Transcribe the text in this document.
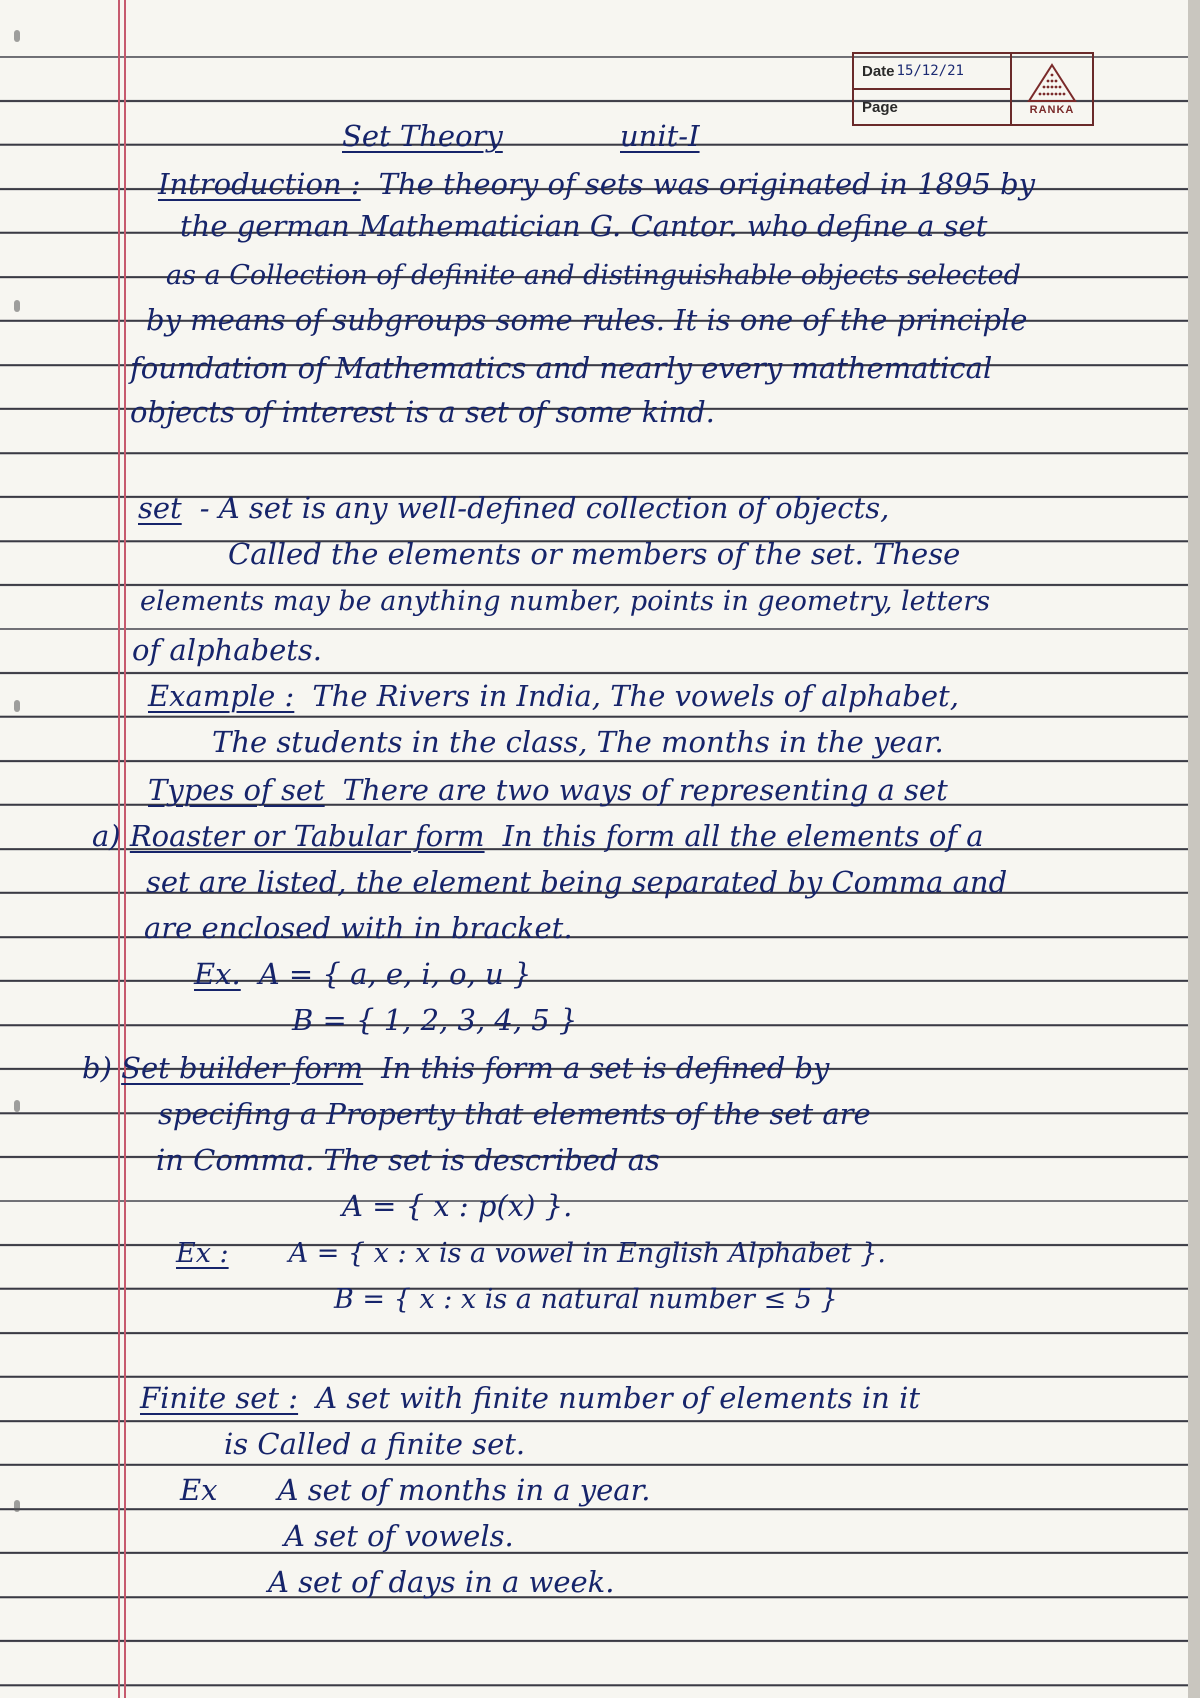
Date 15/12/21
Page	RANKA
Set Theory	unit-I
Introduction : The theory of sets was originated in 1895 by
the german Mathematician G. Cantor. who define a set
as a Collection of definite and distinguishable objects selected
by means of subgroups some rules. It is one of the principle
foundation of Mathematics and nearly every mathematical
objects of interest is a set of some kind.
set - A set is any well-defined collection of objects,
Called the elements or members of the set. These
elements may be anything number, points in geometry, letters
of alphabets.
Example : The Rivers in India, The vowels of alphabet,
The students in the class, The months in the year.
Types of set There are two ways of representing a set
a) Roaster or Tabular form In this form all the elements of a
set are listed, the element being separated by Comma and
are enclosed with in bracket.
Ex. A = { a, e, i, o, u }
B = { 1, 2, 3, 4, 5 }
b) Set builder form In this form a set is defined by
specifing a Property that elements of the set are
in Comma. The set is described as
A = { x : p(x) }.
Ex : A = { x : x is a vowel in English Alphabet }.
B = { x : x is a natural number ≤ 5 }
Finite set : A set with finite number of elements in it
is Called a finite set.
Ex A set of months in a year.
A set of vowels.
A set of days in a week.
